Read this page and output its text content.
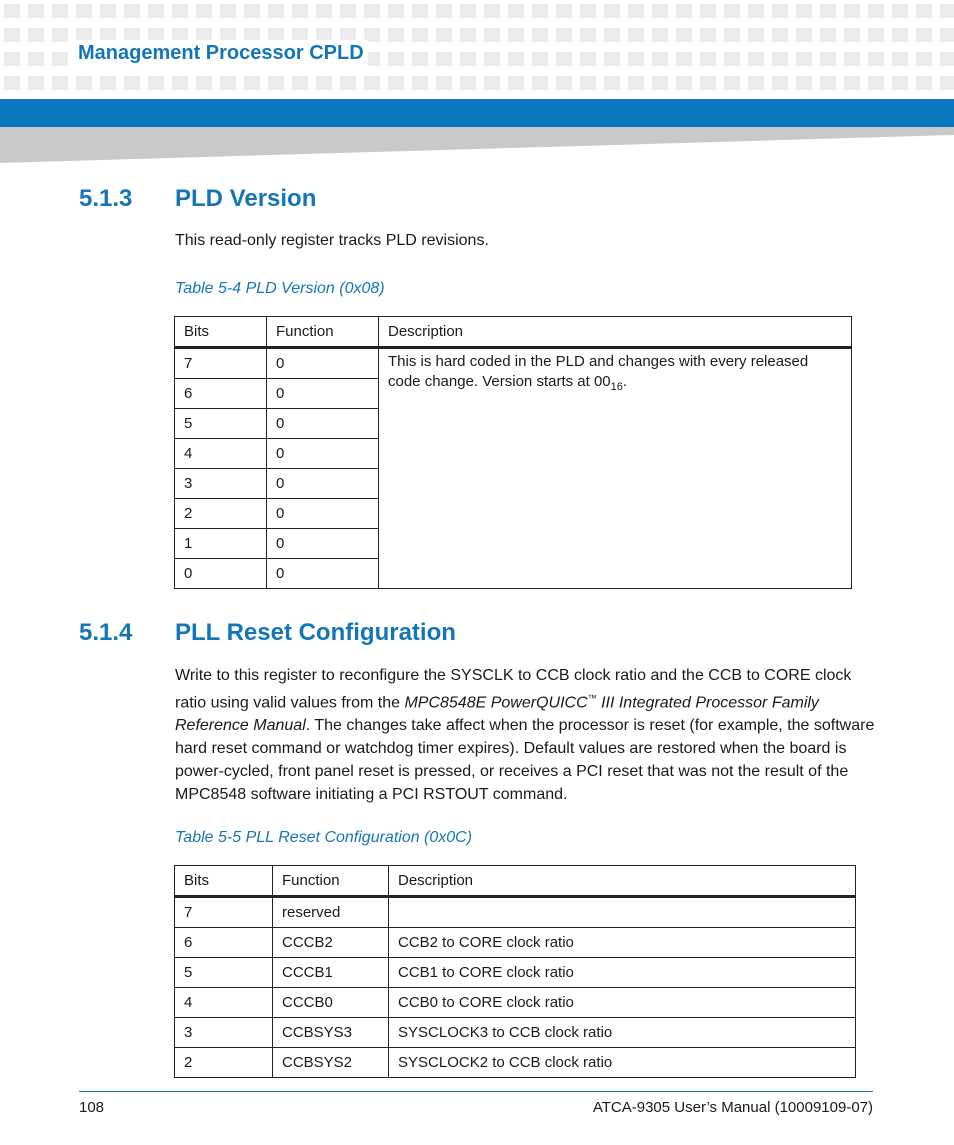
Management Processor CPLD
5.1.3 PLD Version
This read-only register tracks PLD revisions.
Table 5-4 PLD Version (0x08)
Bits	Function	Description
7	0	This is hard coded in the PLD and changes with every released code change. Version starts at $00_{16}$.
6	0	
5	0	
4	0	
3	0	
2	0	
1	0	
0	0	
5.1.4 PLL Reset Configuration
Write to this register to reconfigure the SYSCLK to CCB clock ratio and the CCB to CORE clock ratio using valid values from the MPC8548E PowerQUICC™ III Integrated Processor Family Reference Manual. The changes take affect when the processor is reset (for example, the software hard reset command or watchdog timer expires). Default values are restored when the board is power-cycled, front panel reset is pressed, or receives a PCI reset that was not the result of the MPC8548 software initiating a PCI RSTOUT command.
Table 5-5 PLL Reset Configuration (0x0C)
Bits	Function	Description
7	reserved	
6	CCCB2	CCB2 to CORE clock ratio
5	CCCB1	CCB1 to CORE clock ratio
4	CCCB0	CCB0 to CORE clock ratio
3	CCBSYS3	SYSCLOCK3 to CCB clock ratio
2	CCBSYS2	SYSCLOCK2 to CCB clock ratio
108	ATCA-9305 User’s Manual (10009109-07)
